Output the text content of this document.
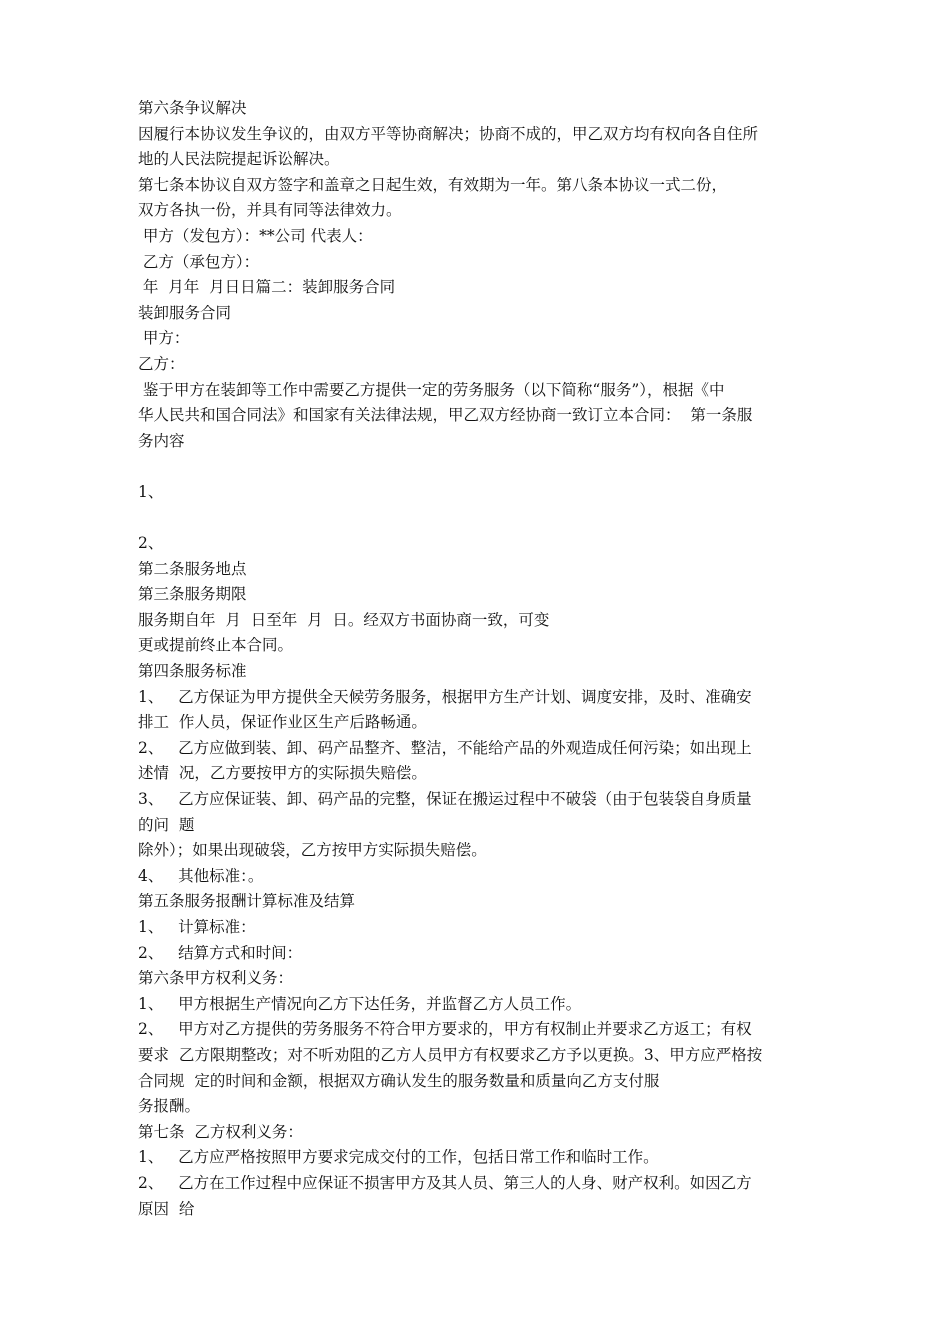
第六条争议解决
因履行本协议发生争议的，由双方平等协商解决；协商不成的，甲乙双方均有权向各自住所
地的人民法院提起诉讼解决。
第七条本协议自双方签字和盖章之日起生效，有效期为一年。第八条本协议一式二份，
双方各执一份，并具有同等法律效力。
甲方（发包方）：**公司 代表人：
乙方（承包方）：
年  月年  月日日篇二：装卸服务合同
装卸服务合同
甲方：
乙方：
鉴于甲方在装卸等工作中需要乙方提供一定的劳务服务（以下简称“服务”），根据《中
华人民共和国合同法》和国家有关法律法规，甲乙双方经协商一致订立本合同：  第一条服
务内容
1、
2、
第二条服务地点
第三条服务期限
服务期自年  月  日至年  月  日。经双方书面协商一致，可变
更或提前终止本合同。
第四条服务标准
1、   乙方保证为甲方提供全天候劳务服务，根据甲方生产计划、调度安排，及时、准确安
排工  作人员，保证作业区生产后路畅通。
2、   乙方应做到装、卸、码产品整齐、整洁，不能给产品的外观造成任何污染；如出现上
述情  况，乙方要按甲方的实际损失赔偿。
3、   乙方应保证装、卸、码产品的完整，保证在搬运过程中不破袋（由于包装袋自身质量
的问  题
除外）；如果出现破袋，乙方按甲方实际损失赔偿。
4、   其他标准：。
第五条服务报酬计算标准及结算
1、   计算标准：
2、   结算方式和时间：
第六条甲方权利义务：
1、   甲方根据生产情况向乙方下达任务，并监督乙方人员工作。
2、   甲方对乙方提供的劳务服务不符合甲方要求的，甲方有权制止并要求乙方返工；有权
要求  乙方限期整改；对不听劝阻的乙方人员甲方有权要求乙方予以更换。3、甲方应严格按
合同规  定的时间和金额，根据双方确认发生的服务数量和质量向乙方支付服
务报酬。
第七条  乙方权利义务：
1、   乙方应严格按照甲方要求完成交付的工作，包括日常工作和临时工作。
2、   乙方在工作过程中应保证不损害甲方及其人员、第三人的人身、财产权利。如因乙方
原因  给
